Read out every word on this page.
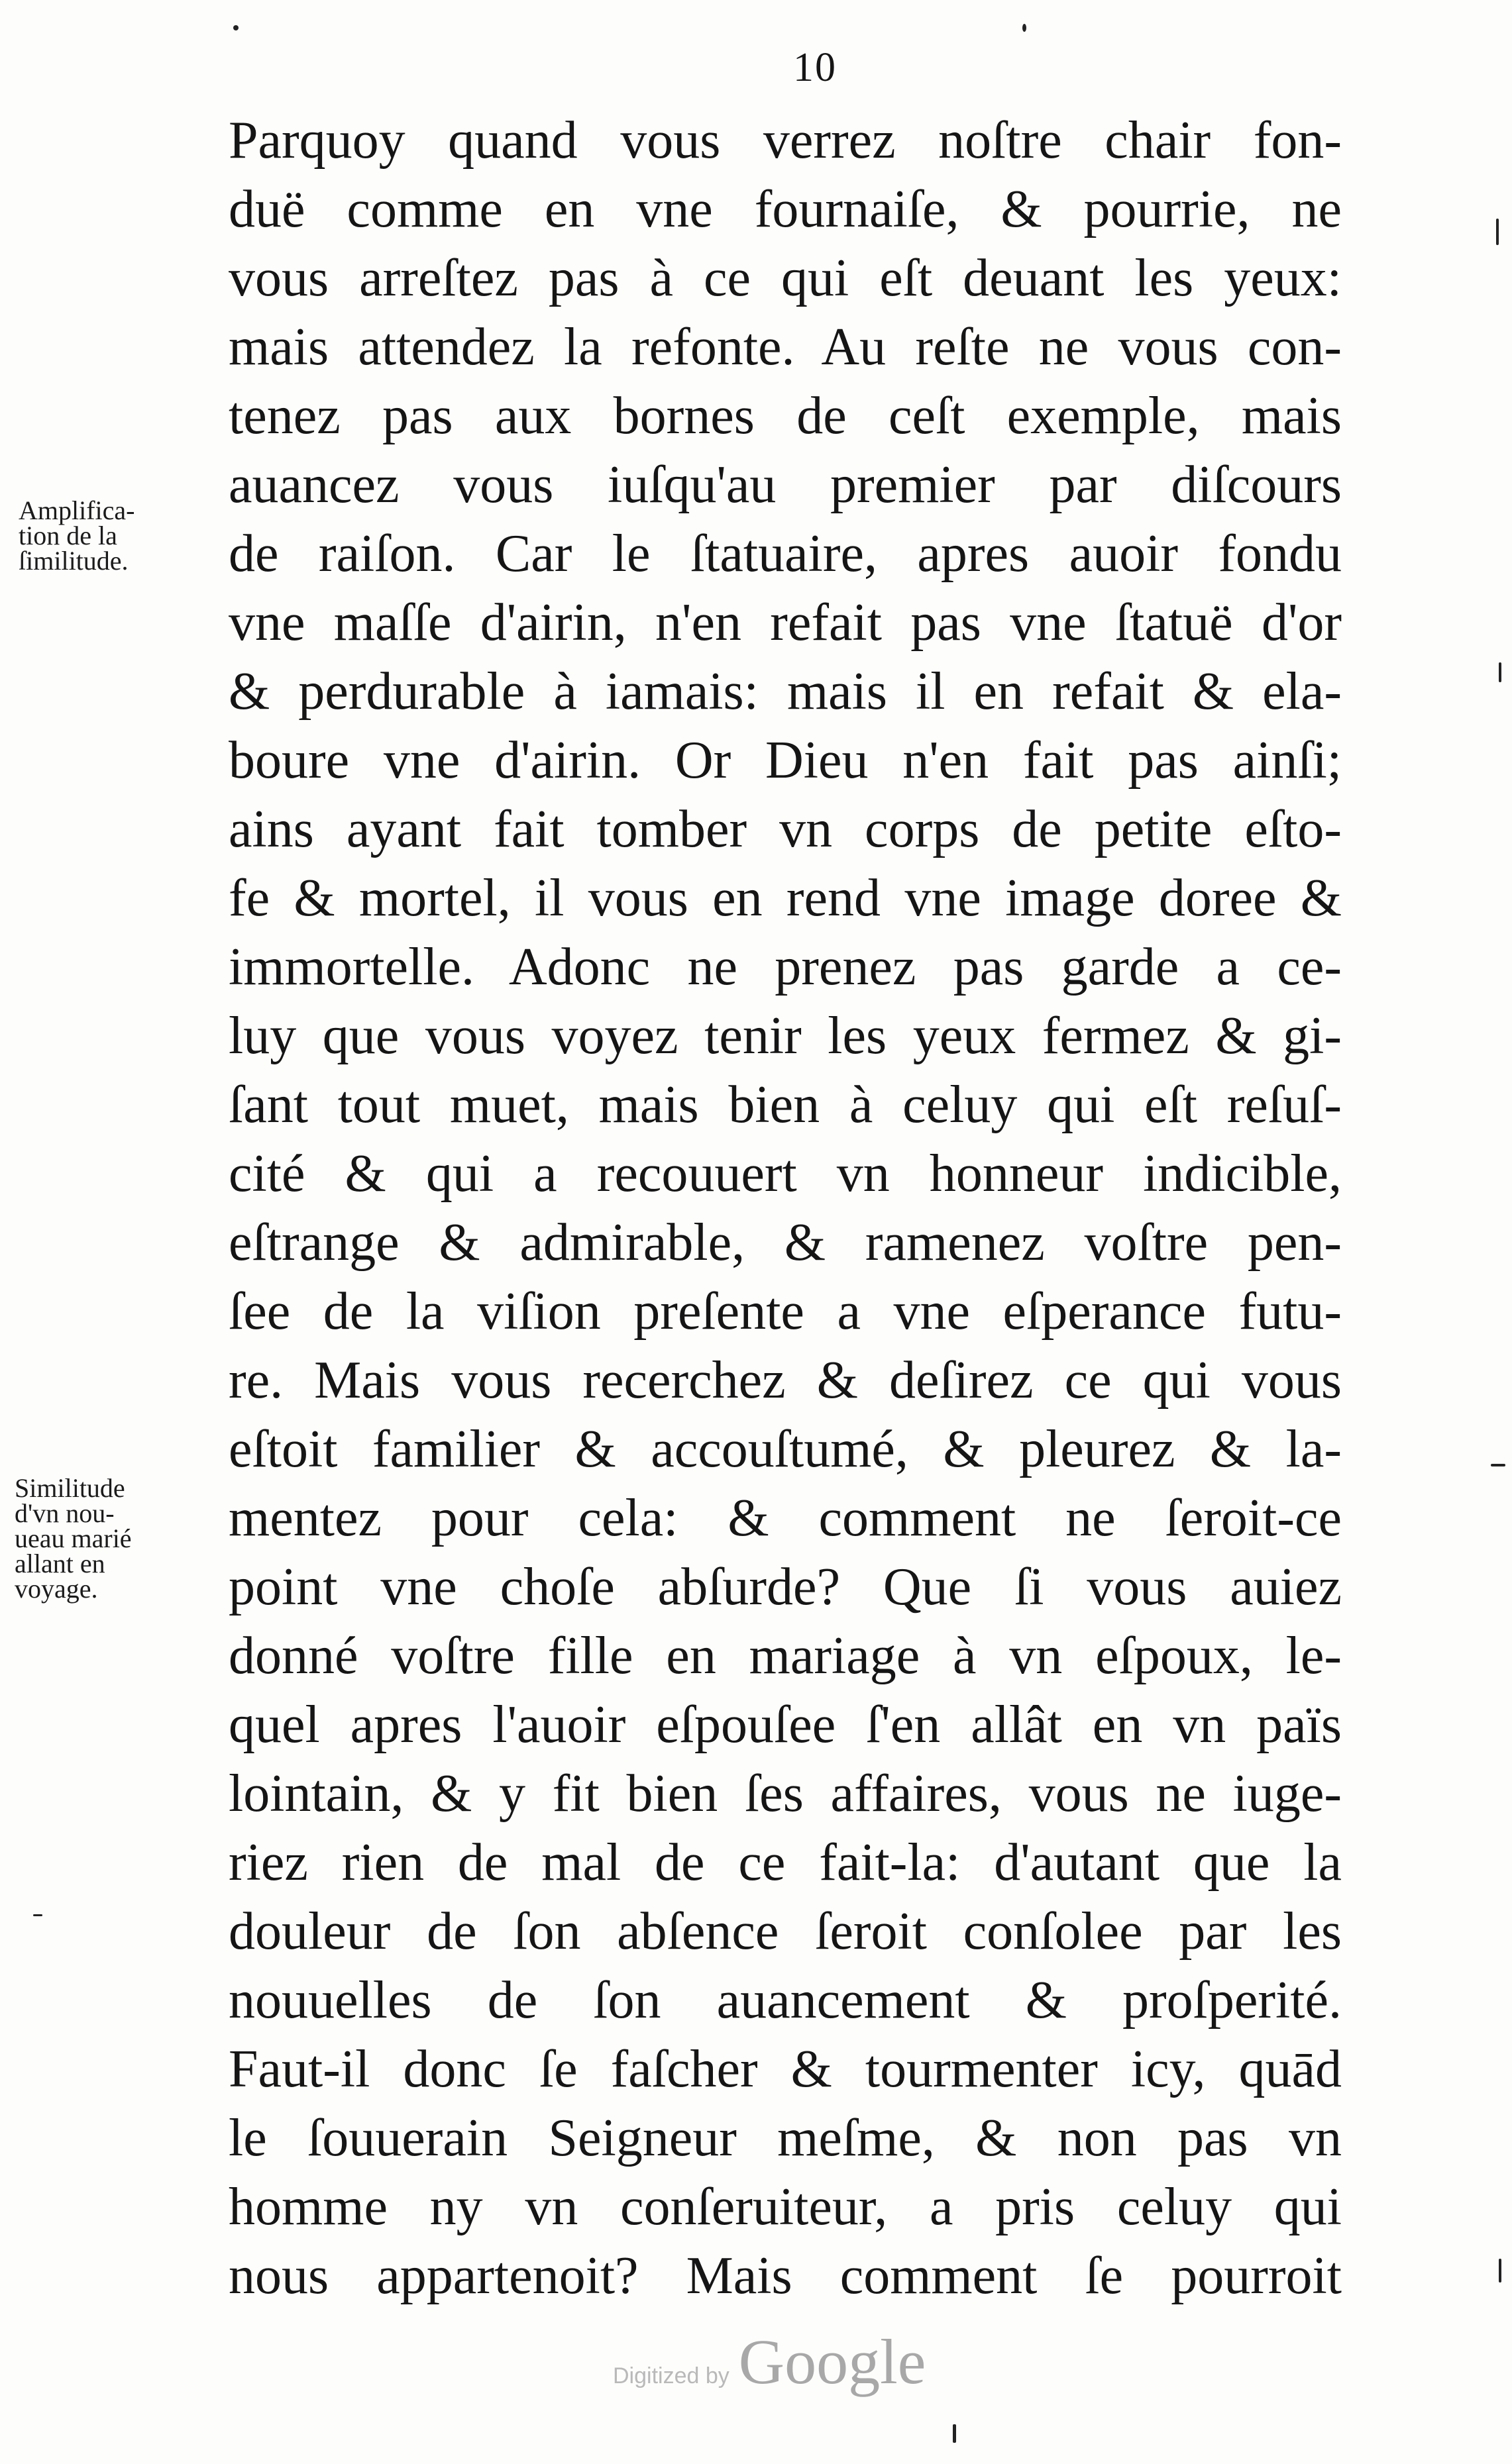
10
Parquoy quand vous verrez noſtre chair fon-
duë comme en vne fournaiſe, & pourrie, ne
vous arreſtez pas à ce qui eſt deuant les yeux:
mais attendez la refonte. Au reſte ne vous con-
tenez pas aux bornes de ceſt exemple, mais
auancez vous iuſqu'au premier par diſcours
de raiſon. Car le ſtatuaire, apres auoir fondu
vne maſſe d'airin, n'en refait pas vne ſtatuë d'or
& perdurable à iamais: mais il en refait & ela-
boure vne d'airin. Or Dieu n'en fait pas ainſi;
ains ayant fait tomber vn corps de petite eſto-
fe & mortel, il vous en rend vne image doree &
immortelle. Adonc ne prenez pas garde a ce-
luy que vous voyez tenir les yeux fermez & gi-
ſant tout muet, mais bien à celuy qui eſt reſuſ-
cité & qui a recouuert vn honneur indicible,
eſtrange & admirable, & ramenez voſtre pen-
ſee de la viſion preſente a vne eſperance futu-
re. Mais vous recerchez & deſirez ce qui vous
eſtoit familier & accouſtumé, & pleurez & la-
mentez pour cela: & comment ne ſeroit-ce
point vne choſe abſurde? Que ſi vous auiez
donné voſtre fille en mariage à vn eſpoux, le-
quel apres l'auoir eſpouſee ſ'en allât en vn païs
lointain, & y fit bien ſes affaires, vous ne iuge-
riez rien de mal de ce fait-la: d'autant que la
douleur de ſon abſence ſeroit conſolee par les
nouuelles de ſon auancement & proſperité.
Faut-il donc ſe faſcher & tourmenter icy, quād
le ſouuerain Seigneur meſme, & non pas vn
homme ny vn conſeruiteur, a pris celuy qui
nous appartenoit? Mais comment ſe pourroit
Amplifica-
tion de la
ſimilitude.
Similitude
d'vn nou-
ueau marié
allant en
voyage.
Digitized by Google
